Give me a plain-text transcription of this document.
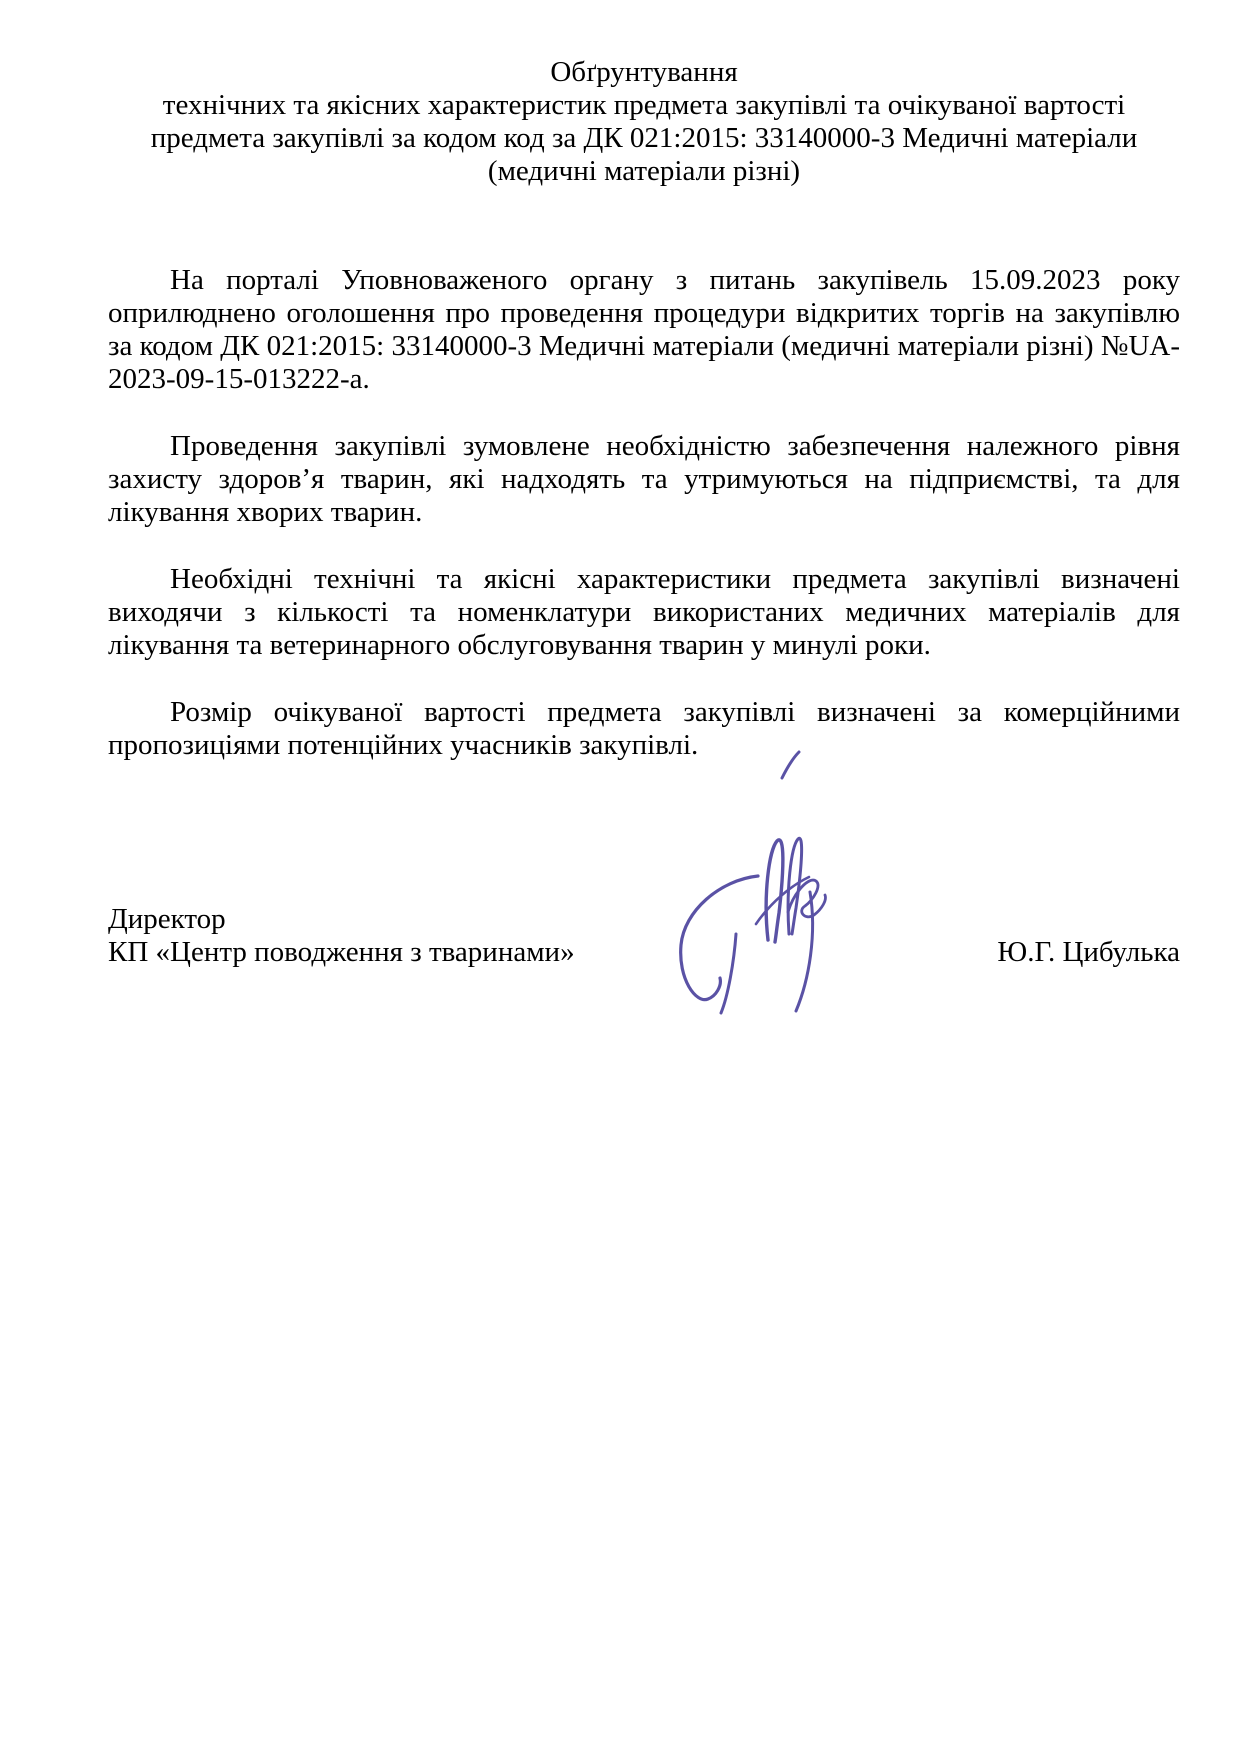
Обґрунтування
технічних та якісних характеристик предмета закупівлі та очікуваної вартості
предмета закупівлі за кодом код за ДК 021:2015: 33140000-3 Медичні матеріали
(медичні матеріали різні)

На порталі Уповноваженого органу з питань закупівель 15.09.2023 року оприлюднено оголошення про проведення процедури відкритих торгів на закупівлю за кодом ДК 021:2015: 33140000-3 Медичні матеріали (медичні матеріали різні) №UA-2023-09-15-013222-а.

Проведення закупівлі зумовлене необхідністю забезпечення належного рівня захисту здоров’я тварин, які надходять та утримуються на підприємстві, та для лікування хворих тварин.

Необхідні технічні та якісні характеристики предмета закупівлі визначені виходячи з кількості та номенклатури використаних медичних матеріалів для лікування та ветеринарного обслуговування тварин у минулі роки.

Розмір очікуваної вартості предмета закупівлі визначені за комерційними пропозиціями потенційних учасників закупівлі.

Директор
КП «Центр поводження з тваринами»	Ю.Г. Цибулька
